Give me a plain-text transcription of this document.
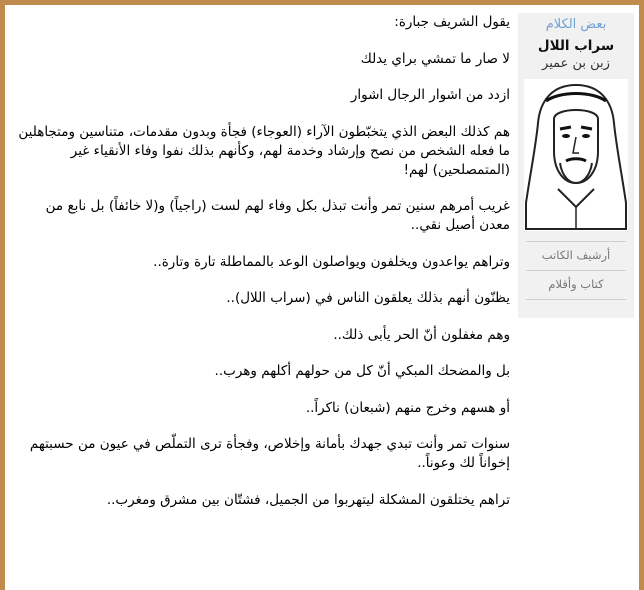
يقول الشريف جبارة:

لا صار ما تمشي براي يدلك

ازدد من اشوار الرجال اشوار

هم كذلك البعض الذي يتخبّطون الآراء (العوجاء) فجأة وبدون مقدمات، متناسين ومتجاهلين ما فعله الشخص من نصح وإرشاد وخدمة لهم، وكأنهم بذلك نفوا وفاء الأنقياء غير (المتمصلحين) لهم!

غريب أمرهم سنين تمر وأنت تبذل بكل وفاء لهم لست (راجياً) و(لا خائفاً) بل نابع من معدن أصيل نقي..

وتراهم يواعدون ويخلفون ويواصلون الوعد بالمماطلة تارة وتارة..

يظنّون أنهم بذلك يعلقون الناس في (سراب اللال)..

وهم مغفلون أنّ الحر يأبى ذلك..

بل والمضحك المبكي أنّ كل من حولهم أكلهم وهرب..

أو هسهم وخرج منهم (شبعان) ناكراً..

سنوات تمر وأنت تبدي جهدك بأمانة وإخلاص، وفجأة ترى التملّص في عيون من حسبتهم إخواناً لك وعوناً..

تراهم يختلقون المشكلة ليتهربوا من الجميل، فشتّان بين مشرق ومغرب..

بعض الكلام
سراب اللال
زبن بن عمير
أرشيف الكاتب
كتاب وأقلام
